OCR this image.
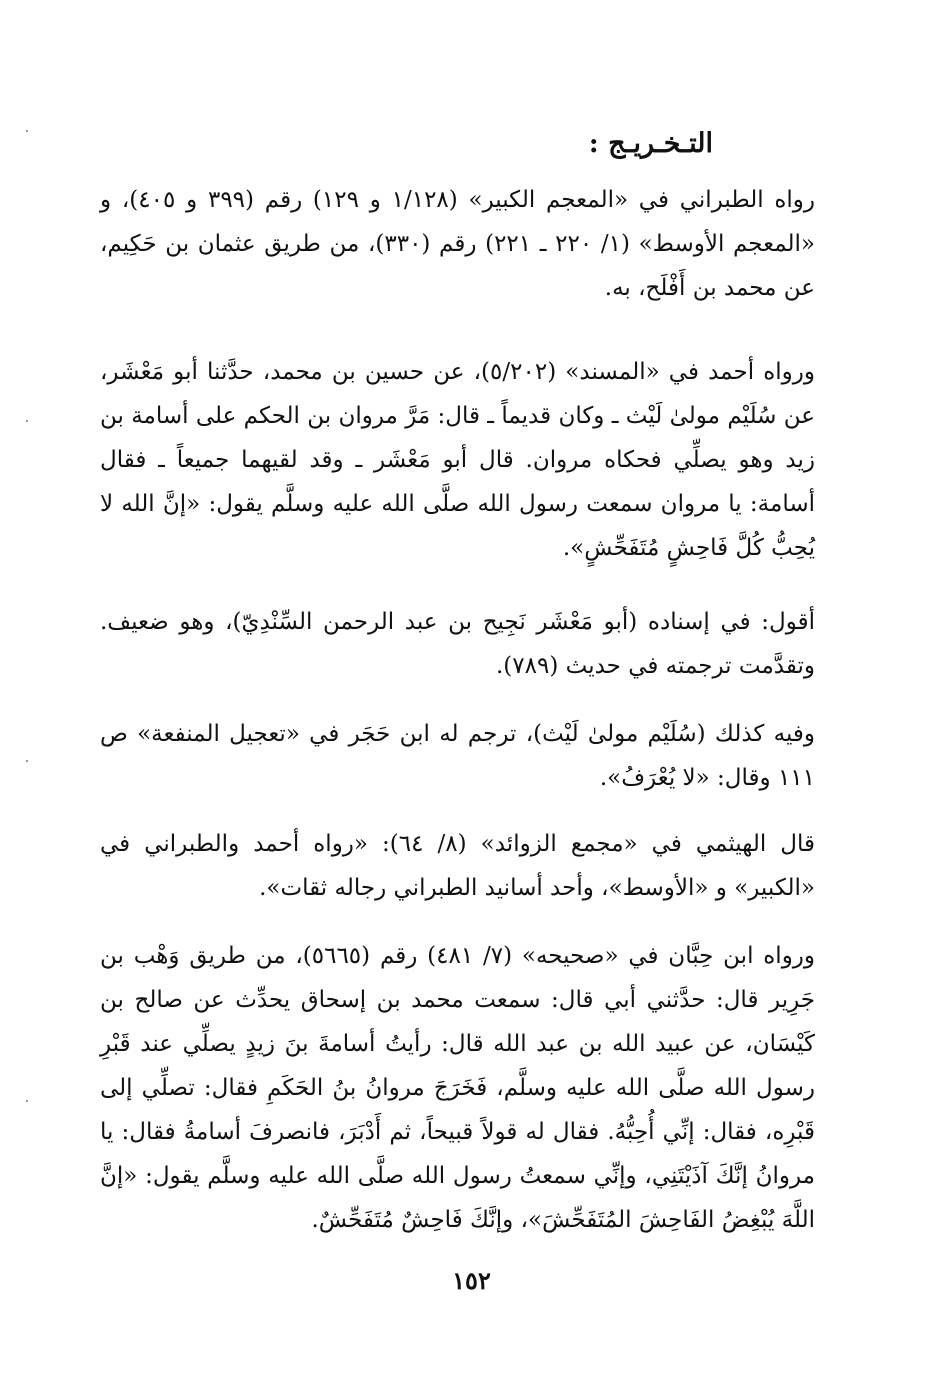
التـخـريـج :

رواه الطبراني في «المعجم الكبير» (١/١٢٨ و ١٢٩) رقم (٣٩٩ و ٤٠٥)، و «المعجم الأوسط» (١/ ٢٢٠ ـ ٢٢١) رقم (٣٣٠)، من طريق عثمان بن حَكِيم، عن محمد بن أَفْلَح، به.

ورواه أحمد في «المسند» (٥/٢٠٢)، عن حسين بن محمد، حدَّثنا أبو مَعْشَر، عن سُلَيْم مولىٰ لَيْث ـ وكان قديماً ـ قال: مَرَّ مروان بن الحكم على أسامة بن زيد وهو يصلِّي فحكاه مروان. قال أبو مَعْشَر ـ وقد لقيهما جميعاً ـ فقال أسامة: يا مروان سمعت رسول الله صلَّى الله عليه وسلَّم يقول: «إنَّ الله لا يُحِبُّ كُلَّ فَاحِشٍ مُتَفَحِّشٍ».

أقول: في إسناده (أبو مَعْشَر نَجِيح بن عبد الرحمن السِّنْدِيّ)، وهو ضعيف. وتقدَّمت ترجمته في حديث (٧٨٩).

وفيه كذلك (سُلَيْم مولىٰ لَيْث)، ترجم له ابن حَجَر في «تعجيل المنفعة» ص ١١١ وقال: «لا يُعْرَفُ».

قال الهيثمي في «مجمع الزوائد» (٨/ ٦٤): «رواه أحمد والطبراني في «الكبير» و «الأوسط»، وأحد أسانيد الطبراني رجاله ثقات».

ورواه ابن حِبَّان في «صحيحه» (٧/ ٤٨١) رقم (٥٦٦٥)، من طريق وَهْب بن جَرِير قال: حدَّثني أبي قال: سمعت محمد بن إسحاق يحدِّث عن صالح بن كَيْسَان، عن عبيد الله بن عبد الله قال: رأيتُ أسامةَ بنَ زيدٍ يصلِّي عند قَبْرِ رسول الله صلَّى الله عليه وسلَّم، فَخَرَجَ مروانُ بنُ الحَكَمِ فقال: تصلِّي إلى قَبْرِه، فقال: إنِّي أُحِبُّهُ. فقال له قولاً قبيحاً، ثم أَدْبَرَ، فانصرفَ أسامةُ فقال: يا مروانُ إنَّكَ آذَيْتَنِي، وإنِّي سمعتُ رسول الله صلَّى الله عليه وسلَّم يقول: «إنَّ اللَّهَ يُبْغِضُ الفَاحِشَ المُتَفَحِّشَ»، وإنَّكَ فَاحِشٌ مُتَفَحِّشٌ.

١٥٢
